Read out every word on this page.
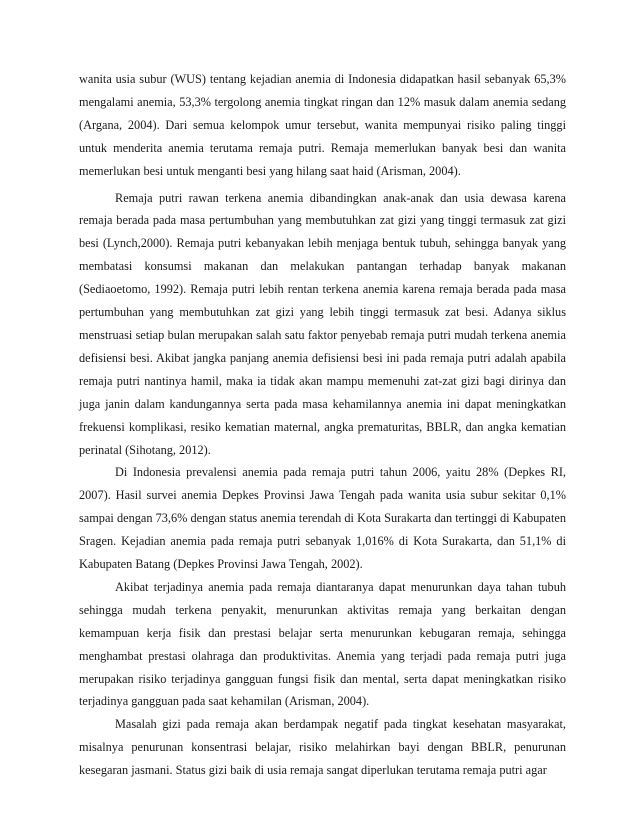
wanita usia subur (WUS) tentang kejadian anemia di Indonesia didapatkan hasil sebanyak 65,3% mengalami anemia, 53,3% tergolong anemia tingkat ringan dan 12% masuk dalam anemia sedang (Argana, 2004). Dari semua kelompok umur tersebut, wanita mempunyai risiko paling tinggi untuk menderita anemia terutama remaja putri. Remaja memerlukan banyak besi dan wanita memerlukan besi untuk menganti besi yang hilang saat haid (Arisman, 2004).

Remaja putri rawan terkena anemia dibandingkan anak-anak dan usia dewasa karena remaja berada pada masa pertumbuhan yang membutuhkan zat gizi yang tinggi termasuk zat gizi besi (Lynch,2000). Remaja putri kebanyakan lebih menjaga bentuk tubuh, sehingga banyak yang membatasi konsumsi makanan dan melakukan pantangan terhadap banyak makanan (Sediaoetomo, 1992). Remaja putri lebih rentan terkena anemia karena remaja berada pada masa pertumbuhan yang membutuhkan zat gizi yang lebih tinggi termasuk zat besi. Adanya siklus menstruasi setiap bulan merupakan salah satu faktor penyebab remaja putri mudah terkena anemia defisiensi besi. Akibat jangka panjang anemia defisiensi besi ini pada remaja putri adalah apabila remaja putri nantinya hamil, maka ia tidak akan mampu memenuhi zat-zat gizi bagi dirinya dan juga janin dalam kandungannya serta pada masa kehamilannya anemia ini dapat meningkatkan frekuensi komplikasi, resiko kematian maternal, angka prematuritas, BBLR, dan angka kematian perinatal (Sihotang, 2012).

Di Indonesia prevalensi anemia pada remaja putri tahun 2006, yaitu 28% (Depkes RI, 2007). Hasil survei anemia Depkes Provinsi Jawa Tengah pada wanita usia subur sekitar 0,1% sampai dengan 73,6% dengan status anemia terendah di Kota Surakarta dan tertinggi di Kabupaten Sragen. Kejadian anemia pada remaja putri sebanyak 1,016% di Kota Surakarta, dan 51,1% di Kabupaten Batang (Depkes Provinsi Jawa Tengah, 2002).

Akibat terjadinya anemia pada remaja diantaranya dapat menurunkan daya tahan tubuh sehingga mudah terkena penyakit, menurunkan aktivitas remaja yang berkaitan dengan kemampuan kerja fisik dan prestasi belajar serta menurunkan kebugaran remaja, sehingga menghambat prestasi olahraga dan produktivitas. Anemia yang terjadi pada remaja putri juga merupakan risiko terjadinya gangguan fungsi fisik dan mental, serta dapat meningkatkan risiko terjadinya gangguan pada saat kehamilan (Arisman, 2004).

Masalah gizi pada remaja akan berdampak negatif pada tingkat kesehatan masyarakat, misalnya penurunan konsentrasi belajar, risiko melahirkan bayi dengan BBLR, penurunan kesegaran jasmani. Status gizi baik di usia remaja sangat diperlukan terutama remaja putri agar
